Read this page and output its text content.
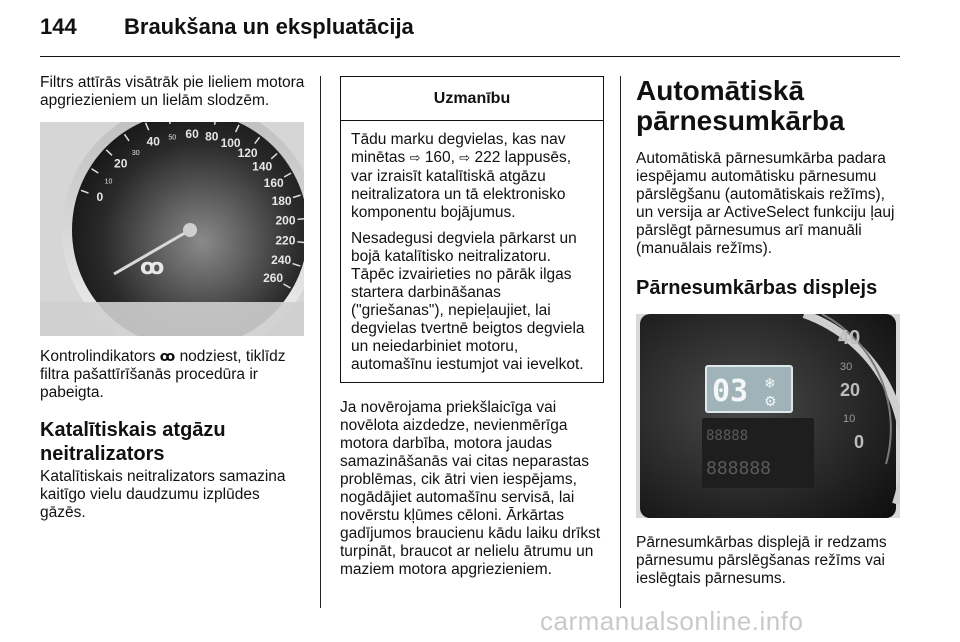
144 Braukšana un ekspluatācija

Filtrs attīrās visātrāk pie lieliem motora apgriezieniem un lielām slodzēm.

0
10
20
30
40 50 60 80 100
120
140
160
180
200
220
240
260
ꝏ

Kontrolindikators ꝏ nodziest, tiklīdz filtra pašattīrīšanās procedūra ir pabeigta.

Katalītiskais atgāzu neitralizators

Katalītiskais neitralizators samazina kaitīgo vielu daudzumu izplūdes gāzēs.

Uzmanību

Tādu marku degvielas, kas nav minētas ⇨ 160, ⇨ 222 lappusēs, var izraisīt katalītiskā atgāzu neitralizatora un tā elektronisko komponentu bojājumus.

Nesadegusi degviela pārkarst un bojā katalītisko neitralizatoru. Tāpēc izvairieties no pārāk ilgas startera darbināšanas ("griešanas"), nepieļaujiet, lai degvielas tvertnē beigtos degviela un neiedarbiniet motoru, automašīnu iestumjot vai ievelkot.

Ja novērojama priekšlaicīga vai novēlota aizdedze, nevienmērīga motora darbība, motora jaudas samazināšanās vai citas neparastas problēmas, cik ātri vien iespējams, nogādājiet automašīnu servisā, lai novērstu kļūmes cēloni. Ārkārtas gadījumos braucienu kādu laiku drīkst turpināt, braucot ar nelielu ātrumu un maziem motora apgriezieniem.

Automātiskā pārnesumkārba

Automātiskā pārnesumkārba padara iespējamu automātisku pārnesumu pārslēgšanu (automātiskais režīms), un versija ar ActiveSelect funkciju ļauj pārslēgt pārnesumus arī manuāli (manuālais režīms).

Pārnesumkārbas displejs

40
30
20
10
0
03 ❄
⚙
88888
888888

Pārnesumkārbas displejā ir redzams pārnesumu pārslēgšanas režīms vai ieslēgtais pārnesums.

carmanualsonline.info
